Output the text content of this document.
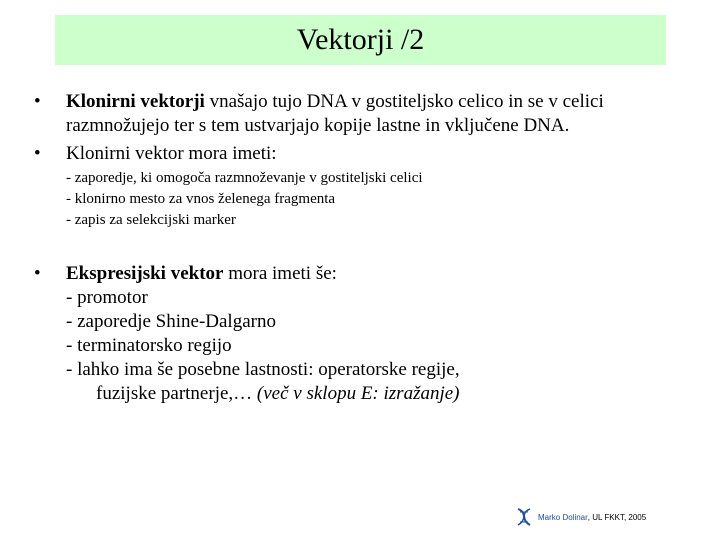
Vektorji /2
•	Klonirni vektorji vnašajo tujo DNA v gostiteljsko celico in se v celici
razmnožujejo ter s tem ustvarjajo kopije lastne in vključene DNA.
•	Klonirni vektor mora imeti:
- zaporedje, ki omogoča razmnoževanje v gostiteljski celici
- klonirno mesto za vnos želenega fragmenta
- zapis za selekcijski marker
•	Ekspresijski vektor mora imeti še:
- promotor
- zaporedje Shine-Dalgarno
- terminatorsko regijo
- lahko ima še posebne lastnosti: operatorske regije,
fuzijske partnerje,… (več v sklopu E: izražanje)
Marko Dolinar , UL FKKT, 2005
